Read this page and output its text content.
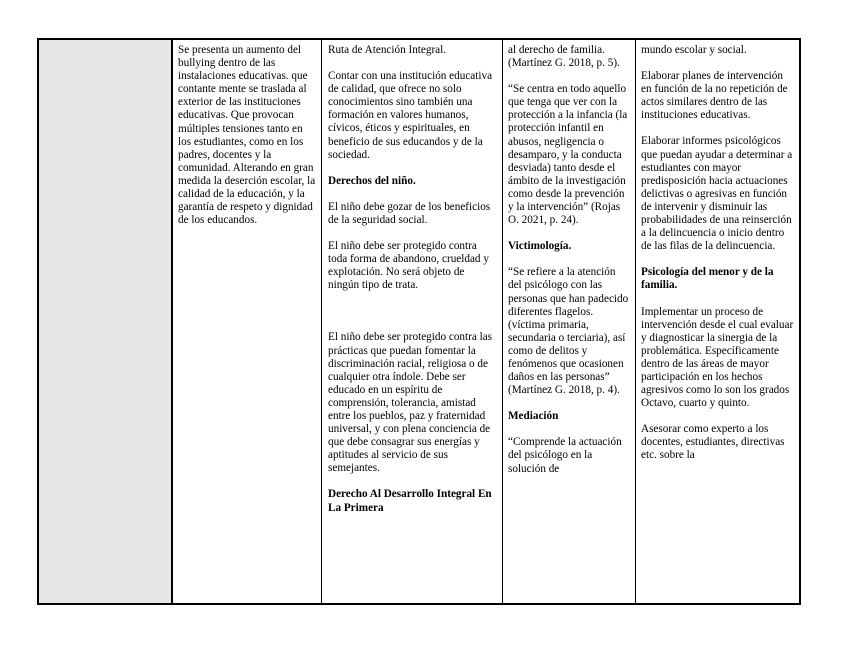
Se presenta un aumento del bullying dentro de las instalaciones educativas. que contante mente se traslada al exterior de las instituciones educativas. Que provocan múltiples tensiones tanto en los estudiantes, como en los padres, docentes y la comunidad. Alterando en gran medida la deserción escolar, la calidad de la educación, y la garantía de respeto y dignidad de los educandos.

Ruta de Atención Integral.

Contar con una institución educativa de calidad, que ofrece no solo conocimientos sino también una formación en valores humanos, cívicos, éticos y espirituales, en beneficio de sus educandos y de la sociedad.

Derechos del niño.

El niño debe gozar de los beneficios de la seguridad social.

El niño debe ser protegido contra toda forma de abandono, crueldad y explotación. No será objeto de ningún tipo de trata.

El niño debe ser protegido contra las prácticas que puedan fomentar la discriminación racial, religiosa o de cualquier otra índole. Debe ser educado en un espíritu de comprensión, tolerancia, amistad entre los pueblos, paz y fraternidad universal, y con plena conciencia de que debe consagrar sus energías y aptitudes al servicio de sus semejantes.

Derecho Al Desarrollo Integral En La Primera

al derecho de familia. (Martínez G. 2018, p. 5).

“Se centra en todo aquello que tenga que ver con la protección a la infancia (la protección infantil en abusos, negligencia o desamparo, y la conducta desviada) tanto desde el ámbito de la investigación como desde la prevención y la intervención” (Rojas O. 2021, p. 24).

Victimología.

“Se refiere a la atención del psicólogo con las personas que han padecido diferentes flagelos. (víctima primaria, secundaria o terciaria), así como de delitos y fenómenos que ocasionen daños en las personas” (Martínez G. 2018, p. 4).

Mediación

“Comprende la actuación del psicólogo en la solución de

mundo escolar y social.

Elaborar planes de intervención en función de la no repetición de actos similares dentro de las instituciones educativas.

Elaborar informes psicológicos que puedan ayudar a determinar a estudiantes con mayor predisposición hacia actuaciones delictivas o agresivas en función de intervenir y disminuir las probabilidades de una reinserción a la delincuencia o inicio dentro de las filas de la delincuencia.

Psicología del menor y de la familia.

Implementar un proceso de intervención desde el cual evaluar y diagnosticar la sinergia de la problemática. Específicamente dentro de las áreas de mayor participación en los hechos agresivos como lo son los grados Octavo, cuarto y quinto.

Asesorar como experto a los docentes, estudiantes, directivas etc. sobre la
